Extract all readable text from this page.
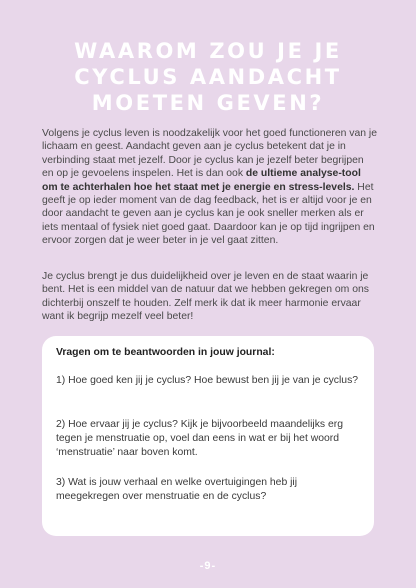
WAAROM ZOU JE JE CYCLUS AANDACHT MOETEN GEVEN?

Volgens je cyclus leven is noodzakelijk voor het goed functioneren van je lichaam en geest. Aandacht geven aan je cyclus betekent dat je in verbinding staat met jezelf. Door je cyclus kan je jezelf beter begrijpen en op je gevoelens inspelen. Het is dan ook de ultieme analyse-tool om te achterhalen hoe het staat met je energie en stress-levels. Het geeft je op ieder moment van de dag feedback, het is er altijd voor je en door aandacht te geven aan je cyclus kan je ook sneller merken als er iets mentaal of fysiek niet goed gaat. Daardoor kan je op tijd ingrijpen en ervoor zorgen dat je weer beter in je vel gaat zitten.

Je cyclus brengt je dus duidelijkheid over je leven en de staat waarin je bent. Het is een middel van de natuur dat we hebben gekregen om ons dichterbij onszelf te houden. Zelf merk ik dat ik meer harmonie ervaar want ik begrijp mezelf veel beter!

Vragen om te beantwoorden in jouw journal:

1) Hoe goed ken jij je cyclus? Hoe bewust ben jij je van je cyclus?

2) Hoe ervaar jij je cyclus? Kijk je bijvoorbeeld maandelijks erg tegen je menstruatie op, voel dan eens in wat er bij het woord ‘menstruatie’ naar boven komt.

3) Wat is jouw verhaal en welke overtuigingen heb jij meegekregen over menstruatie en de cyclus?

-9-
